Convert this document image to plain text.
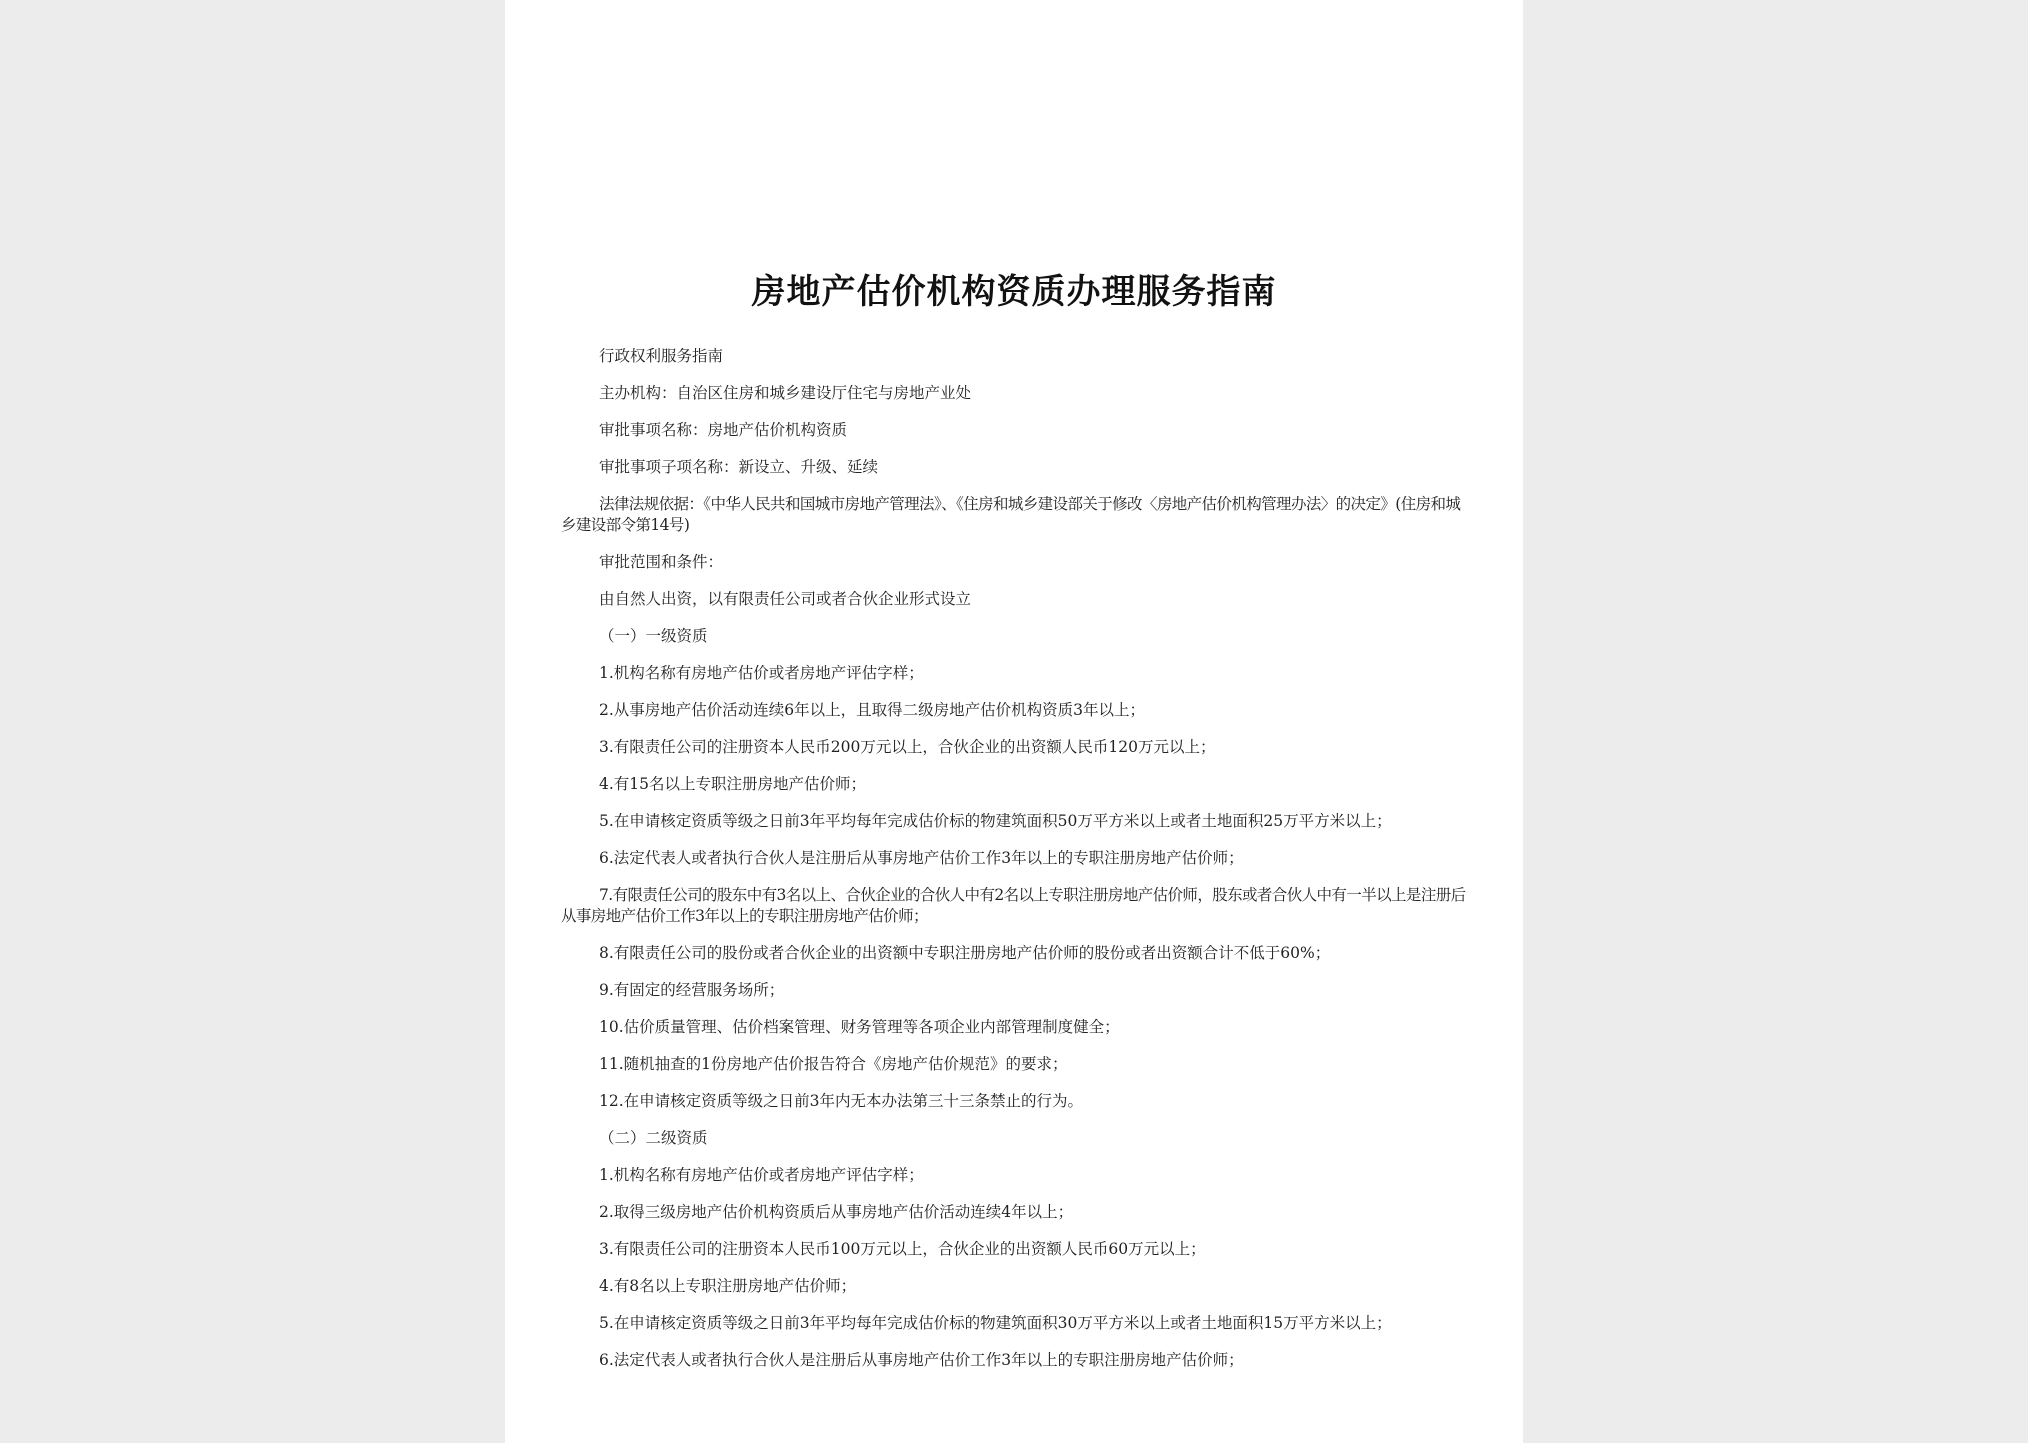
房地产估价机构资质办理服务指南

行政权利服务指南

主办机构：自治区住房和城乡建设厅住宅与房地产业处

审批事项名称：房地产估价机构资质

审批事项子项名称：新设立、升级、延续

法律法规依据：《中华人民共和国城市房地产管理法》、《住房和城乡建设部关于修改〈房地产估价机构管理办法〉的决定》(住房和城乡建设部令第14号)

审批范围和条件：

由自然人出资，以有限责任公司或者合伙企业形式设立

（一）一级资质

1.机构名称有房地产估价或者房地产评估字样；

2.从事房地产估价活动连续6年以上，且取得二级房地产估价机构资质3年以上；

3.有限责任公司的注册资本人民币200万元以上，合伙企业的出资额人民币120万元以上；

4.有15名以上专职注册房地产估价师；

5.在申请核定资质等级之日前3年平均每年完成估价标的物建筑面积50万平方米以上或者土地面积25万平方米以上；

6.法定代表人或者执行合伙人是注册后从事房地产估价工作3年以上的专职注册房地产估价师；

7.有限责任公司的股东中有3名以上、合伙企业的合伙人中有2名以上专职注册房地产估价师，股东或者合伙人中有一半以上是注册后从事房地产估价工作3年以上的专职注册房地产估价师；

8.有限责任公司的股份或者合伙企业的出资额中专职注册房地产估价师的股份或者出资额合计不低于60%；

9.有固定的经营服务场所；

10.估价质量管理、估价档案管理、财务管理等各项企业内部管理制度健全；

11.随机抽查的1份房地产估价报告符合《房地产估价规范》的要求；

12.在申请核定资质等级之日前3年内无本办法第三十三条禁止的行为。

（二）二级资质

1.机构名称有房地产估价或者房地产评估字样；

2.取得三级房地产估价机构资质后从事房地产估价活动连续4年以上；

3.有限责任公司的注册资本人民币100万元以上，合伙企业的出资额人民币60万元以上；

4.有8名以上专职注册房地产估价师；

5.在申请核定资质等级之日前3年平均每年完成估价标的物建筑面积30万平方米以上或者土地面积15万平方米以上；

6.法定代表人或者执行合伙人是注册后从事房地产估价工作3年以上的专职注册房地产估价师；
